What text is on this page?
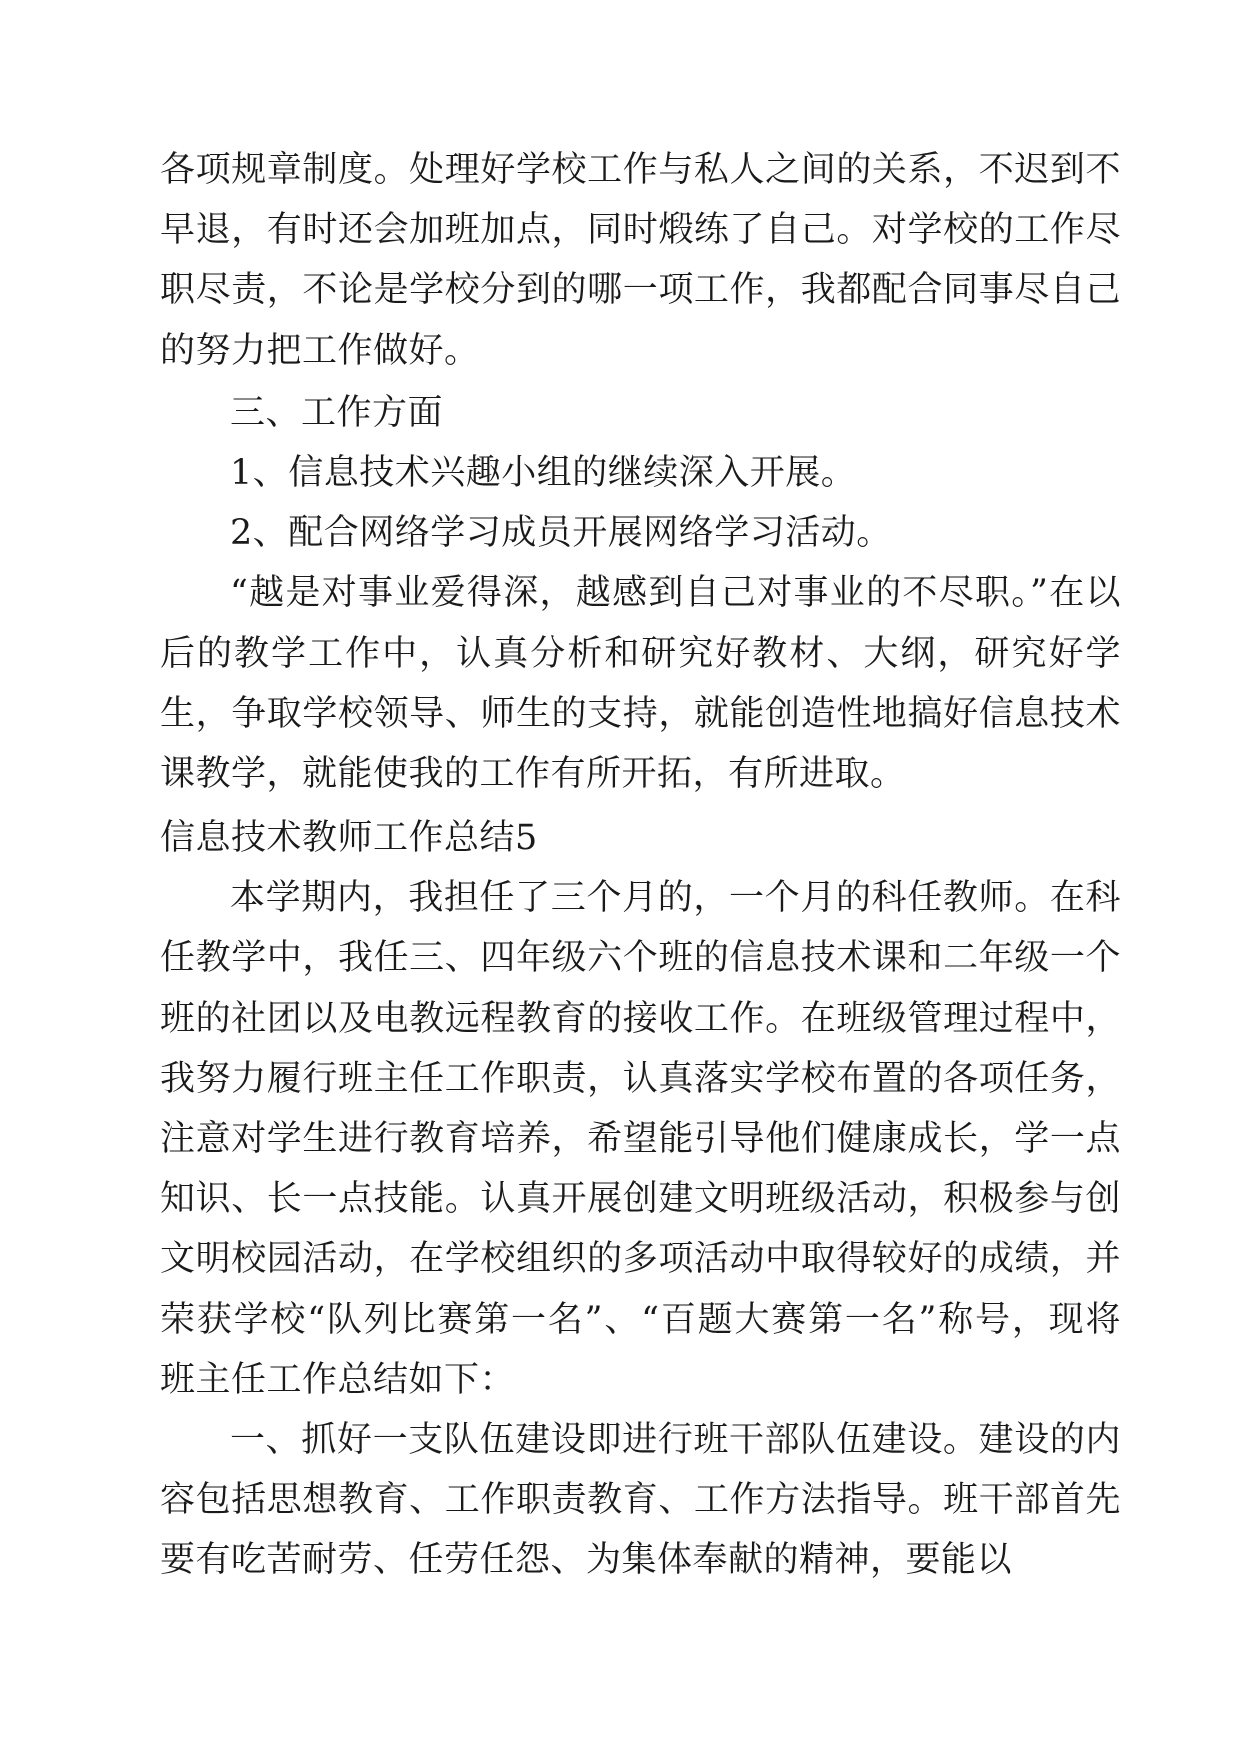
各项规章制度。处理好学校工作与私人之间的关系，不迟到不早退，有时还会加班加点，同时煅练了自己。对学校的工作尽职尽责，不论是学校分到的哪一项工作，我都配合同事尽自己的努力把工作做好。

三、工作方面

1、信息技术兴趣小组的继续深入开展。

2、配合网络学习成员开展网络学习活动。

“越是对事业爱得深，越感到自己对事业的不尽职。”在以后的教学工作中，认真分析和研究好教材、大纲，研究好学生，争取学校领导、师生的支持，就能创造性地搞好信息技术课教学，就能使我的工作有所开拓，有所进取。

信息技术教师工作总结5

本学期内，我担任了三个月的，一个月的科任教师。在科任教学中，我任三、四年级六个班的信息技术课和二年级一个班的社团以及电教远程教育的接收工作。在班级管理过程中，我努力履行班主任工作职责，认真落实学校布置的各项任务，注意对学生进行教育培养，希望能引导他们健康成长，学一点知识、长一点技能。认真开展创建文明班级活动，积极参与创文明校园活动，在学校组织的多项活动中取得较好的成绩，并荣获学校“队列比赛第一名”、“百题大赛第一名”称号，现将班主任工作总结如下：

一、抓好一支队伍建设即进行班干部队伍建设。建设的内容包括思想教育、工作职责教育、工作方法指导。班干部首先要有吃苦耐劳、任劳任怨、为集体奉献的精神，要能以
